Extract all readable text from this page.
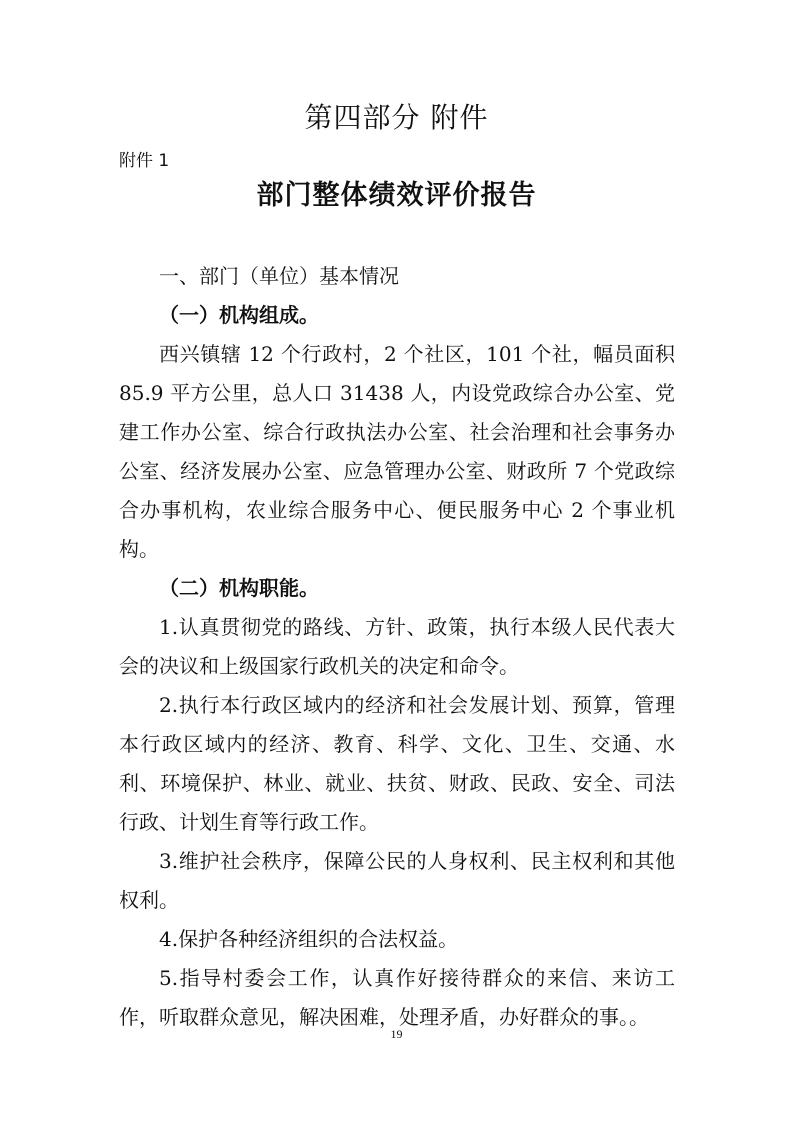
第四部分 附件
附件 1
部门整体绩效评价报告

一、部门（单位）基本情况

（一）机构组成。

西兴镇辖 12 个行政村，2 个社区，101 个社，幅员面积 85.9 平方公里，总人口 31438 人，内设党政综合办公室、党建工作办公室、综合行政执法办公室、社会治理和社会事务办公室、经济发展办公室、应急管理办公室、财政所 7 个党政综合办事机构，农业综合服务中心、便民服务中心 2 个事业机构。

（二）机构职能。

1.认真贯彻党的路线、方针、政策，执行本级人民代表大会的决议和上级国家行政机关的决定和命令。

2.执行本行政区域内的经济和社会发展计划、预算，管理本行政区域内的经济、教育、科学、文化、卫生、交通、水利、环境保护、林业、就业、扶贫、财政、民政、安全、司法行政、计划生育等行政工作。

3.维护社会秩序，保障公民的人身权利、民主权利和其他权利。

4.保护各种经济组织的合法权益。

5.指导村委会工作，认真作好接待群众的来信、来访工作，听取群众意见，解决困难，处理矛盾，办好群众的事。。

19
